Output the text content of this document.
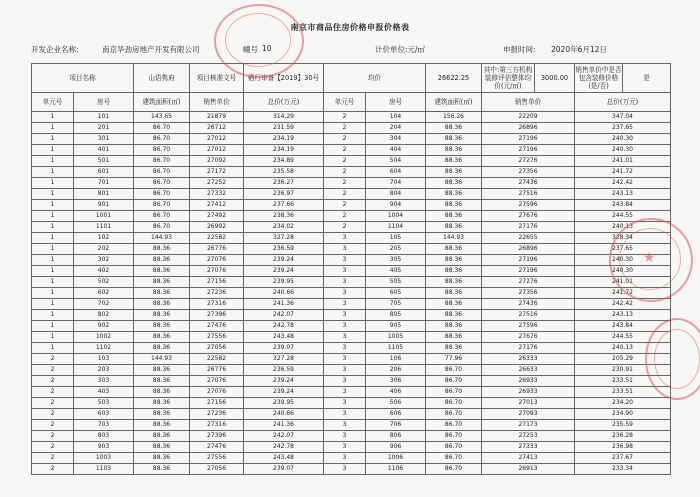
南京市商品住房价格申报价格表
开发企业名称:	南京华劲房地产开发有限公司	幢号 10	计价单位:元/㎡	申报时间: 2020年6月12日
项目名称		山语隽府	项目核准文号	栖行审备【2019】30号	均价		26622.25	其中:第三方机构装修评估整体均价(元/㎡)	3000.00	销售单价中是否包含装修价格(是/否)	是
单元号	房号	建筑面积(㎡)	销售单价	总价(万元)	单元号	房号	建筑面积(㎡)	销售单价		总价(万元)	
1	101	143.65	21879	314.29	2	104	156.26	22209		347.04	
1	201	86.70	26712	231.59	2	204	88.36	26896		237.65	
1	301	86.70	27012	234.19	2	304	88.36	27196		240.30	
1	401	86.70	27012	234.19	2	404	88.36	27196		240.30	
1	501	86.70	27092	234.89	2	504	88.36	27276		241.01	
1	601	86.70	27172	235.58	2	604	88.36	27356		241.72	
1	701	86.70	27252	236.27	2	704	88.36	27436		242.42	
1	801	86.70	27332	236.97	2	804	88.36	27516		243.13	
1	901	86.70	27412	237.66	2	904	88.36	27596		243.84	
1	1001	86.70	27492	238.36	2	1004	88.36	27676		244.55	
1	1101	86.70	26992	234.02	2	1104	88.36	27176		240.13	
1	102	144.93	22582	327.28	3	105	144.93	22655		328.34	
1	202	88.36	26776	236.59	3	205	88.36	26896		237.65	
1	302	88.36	27076	239.24	3	305	88.36	27196		240.30	
1	402	88.36	27076	239.24	3	405	88.36	27196		240.30	
1	502	88.36	27156	239.95	3	505	88.36	27276		241.01	
1	602	88.36	27236	240.66	3	605	88.36	27356		241.72	
1	702	88.36	27316	241.36	3	705	88.36	27436		242.42	
1	802	88.36	27396	242.07	3	805	88.36	27516		243.13	
1	902	88.36	27476	242.78	3	905	88.36	27596		243.84	
1	1002	88.36	27556	243.48	3	1005	88.36	27676		244.55	
1	1102	88.36	27056	239.07	3	1105	88.36	27176		240.13	
2	103	144.93	22582	327.28	3	106	77.96	26333		205.29	
2	203	88.36	26776	236.59	3	206	86.70	26633		230.91	
2	303	88.36	27076	239.24	3	306	86.70	26933		233.51	
2	403	88.36	27076	239.24	3	406	86.70	26933		233.51	
2	503	88.36	27156	239.95	3	506	86.70	27013		234.20	
2	603	88.36	27236	240.66	3	606	86.70	27093		234.90	
2	703	88.36	27316	241.36	3	706	86.70	27173		235.59	
2	803	88.36	27396	242.07	3	806	86.70	27253		236.28	
2	903	88.36	27476	242.78	3	906	86.70	27333		236.98	
2	1003	88.36	27556	243.48	3	1006	86.70	27413		237.67	
2	1103	88.36	27056	239.07	3	1106	86.70	26913		233.34	
★
